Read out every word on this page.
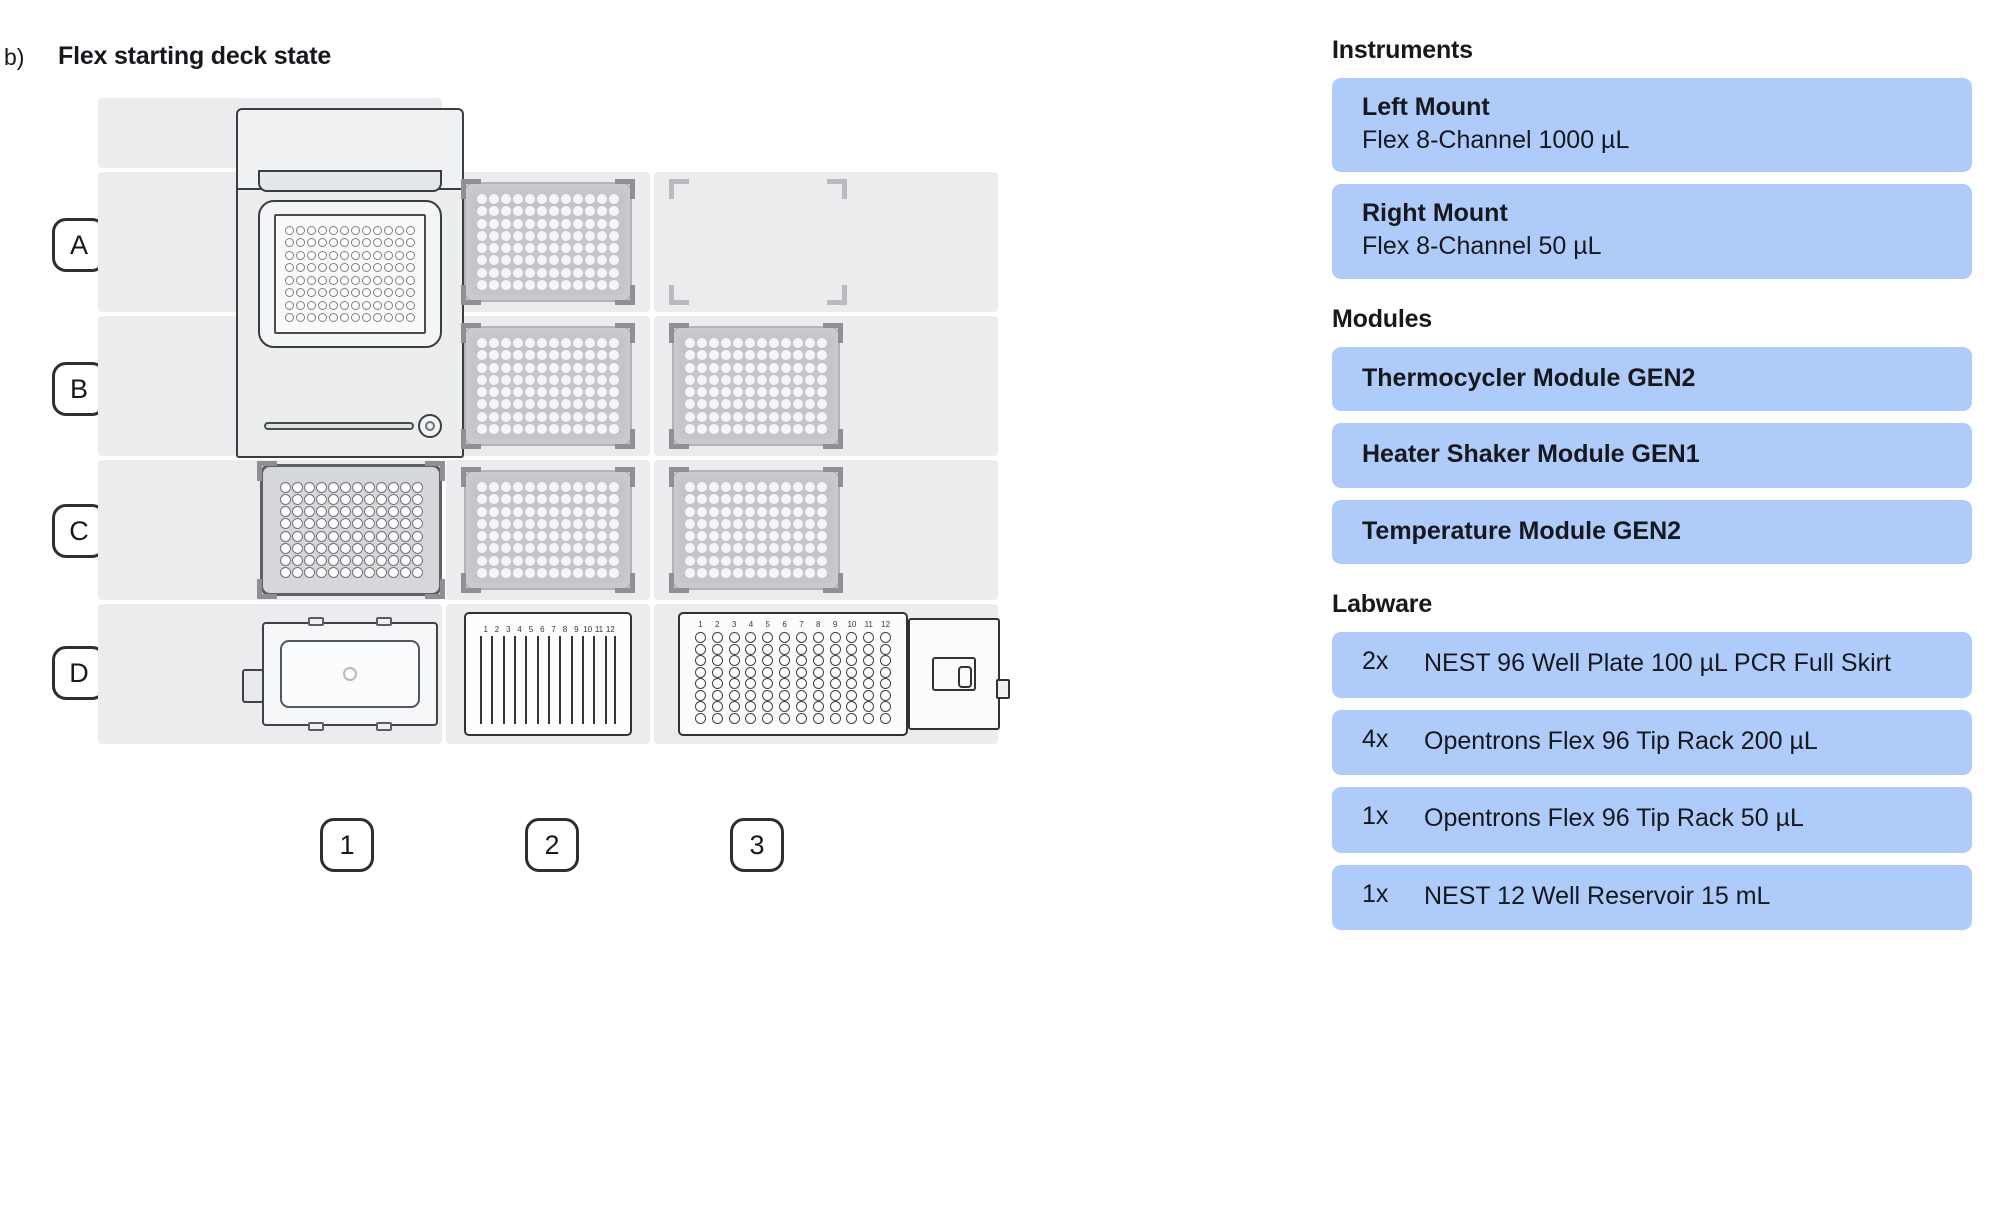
b) Flex starting deck state
A
B
C
D
1	2	3
1 2 3 4 5 6 7 8 9 10 11 12	1 2 3 4 5 6 7 8 9 10 11 12
Instruments
Left Mount
Flex 8-Channel 1000 µL
Right Mount
Flex 8-Channel 50 µL
Modules
Thermocycler Module GEN2
Heater Shaker Module GEN1
Temperature Module GEN2
Labware
2x	NEST 96 Well Plate 100 µL PCR Full Skirt
4x	Opentrons Flex 96 Tip Rack 200 µL
1x	Opentrons Flex 96 Tip Rack 50 µL
1x	NEST 12 Well Reservoir 15 mL
